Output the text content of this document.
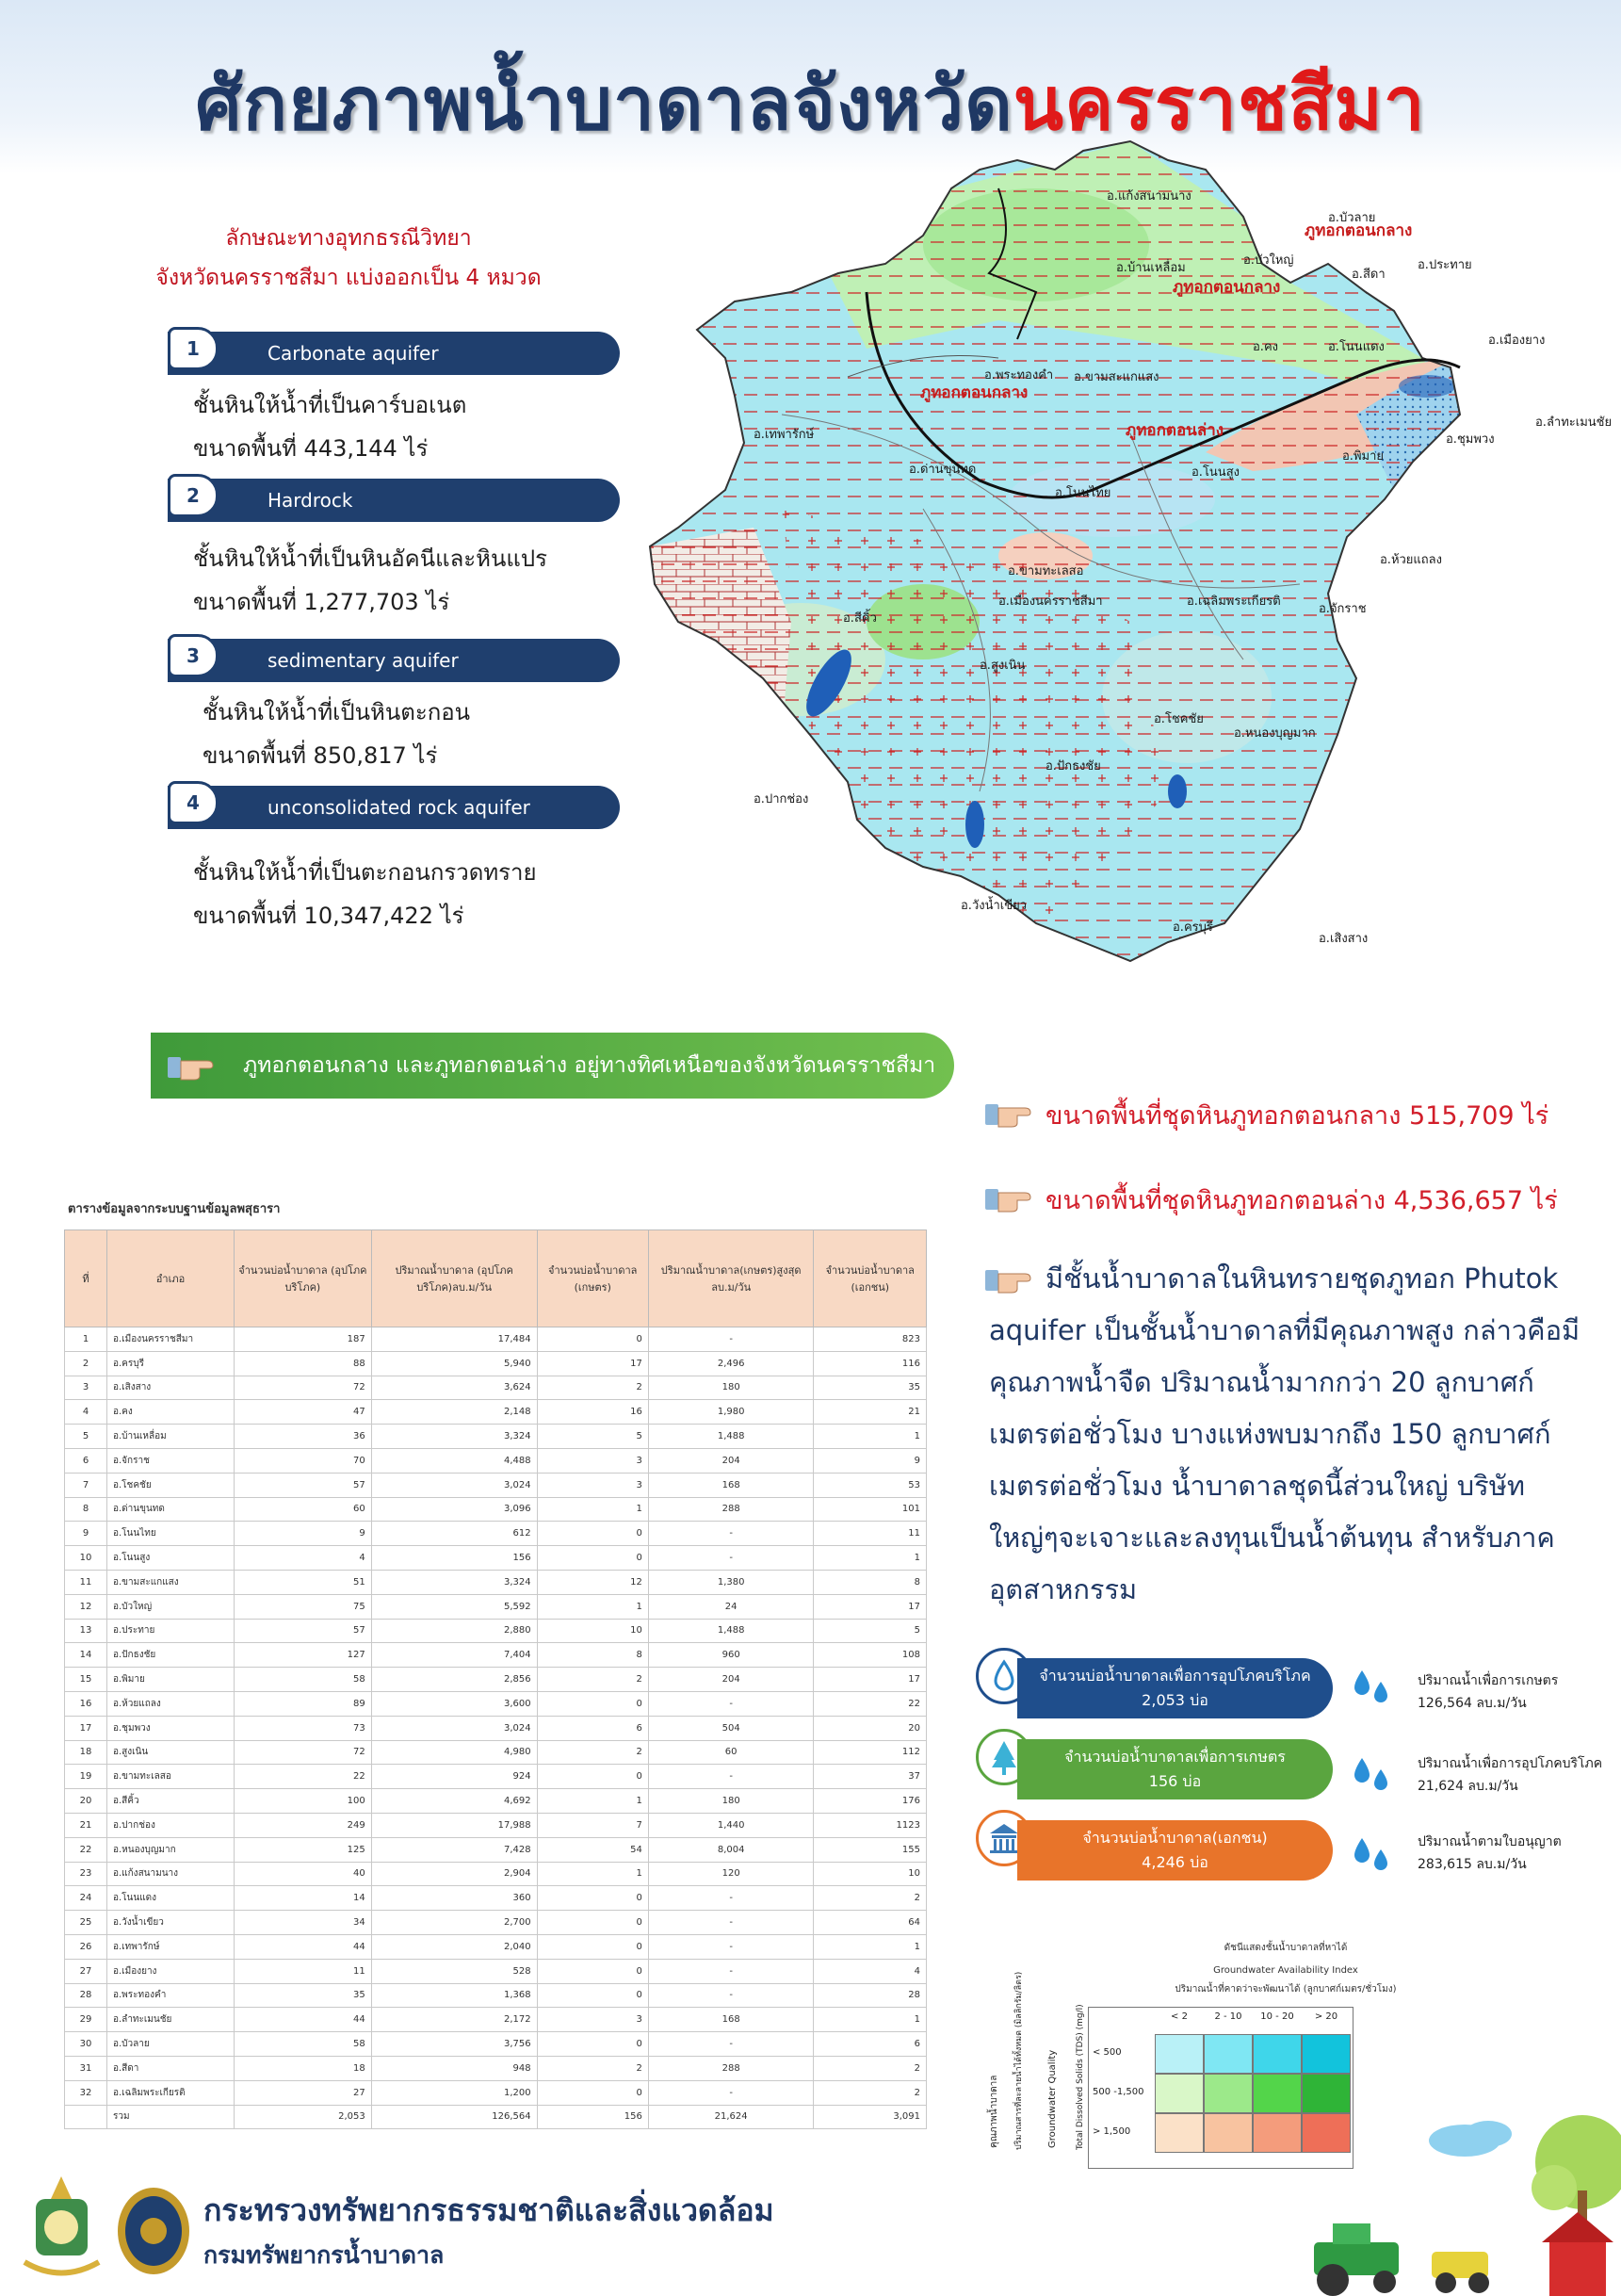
ศักยภาพน้ำบาดาลจังหวัดนครราชสีมา
ลักษณะทางอุทกธรณีวิทยา
จังหวัดนครราชสีมา แบ่งออกเป็น 4 หมวด
Carbonate aquifer
1
ชั้นหินให้น้ำที่เป็นคาร์บอเนต
ขนาดพื้นที่ 443,144 ไร่
Hardrock
2
ชั้นหินให้น้ำที่เป็นหินอัคนีและหินแปร
ขนาดพื้นที่ 1,277,703 ไร่
sedimentary aquifer
3
ชั้นหินให้น้ำที่เป็นหินตะกอน
ขนาดพื้นที่ 850,817 ไร่
unconsolidated rock aquifer
4
ชั้นหินให้น้ำที่เป็นตะกอนกรวดทราย
ขนาดพื้นที่ 10,347,422 ไร่
อ.แก้งสนามนาง
อ.บัวลาย
อ.บัวใหญ่
อ.สีดา
อ.ประทาย
อ.บ้านเหลื่อม
อ.คง	อ.โนนแดง	อ.เมืองยาง
อ.พระทองคำ อ.ขามสะแกแสง
อ.ลำทะเมนชัย
อ.ชุมพวง
อ.เทพารักษ์
อ.ด่านขุนทด	อ.โนนสูง
อ.พิมาย
อ.โนนไทย
อ.ห้วยแถลง
อ.ขามทะเลสอ
อ.เมืองนครราชสีมา	อ.เฉลิมพระเกียรติ
อ.จักราช
อ.สีคิ้ว
อ.สูงเนิน
อ.โชคชัย
อ.หนองบุญมาก
อ.ปักธงชัย
อ.ปากช่อง
อ.วังน้ำเขียว
อ.ครบุรี
อ.เสิงสาง
ภูทอกตอนกลาง
ภูทอกตอนกลาง
ภูทอกตอนกลาง
ภูทอกตอนล่าง
ภูทอกตอนกลาง และภูทอกตอนล่าง อยู่ทางทิศเหนือของจังหวัดนครราชสีมา
ขนาดพื้นที่ชุดหินภูทอกตอนกลาง 515,709 ไร่
ขนาดพื้นที่ชุดหินภูทอกตอนล่าง 4,536,657 ไร่
มีชั้นน้ำบาดาลในหินทรายชุดภูทอก Phutok aquifer เป็นชั้นน้ำบาดาลที่มีคุณภาพสูง กล่าวคือมีคุณภาพน้ำจืด ปริมาณน้ำมากกว่า 20 ลูกบาศก์เมตรต่อชั่วโมง บางแห่งพบมากถึง 150 ลูกบาศก์เมตรต่อชั่วโมง น้ำบาดาลชุดนี้ส่วนใหญ่ บริษัทใหญ่ๆจะเจาะและลงทุนเป็นน้ำต้นทุน สำหรับภาคอุตสาหกรรม
ตารางข้อมูลจากระบบฐานข้อมูลพสุธารา
ที่	อำเภอ	จำนวนบ่อน้ำบาดาล (อุปโภคบริโภค)	ปริมาณน้ำบาดาล (อุปโภคบริโภค)ลบ.ม/วัน	จำนวนบ่อน้ำบาดาล (เกษตร)	ปริมาณน้ำบาดาล(เกษตร)สูงสุด ลบ.ม/วัน	จำนวนบ่อน้ำบาดาล (เอกชน)
1	อ.เมืองนครราชสีมา	187	17,484	0	-	823
2	อ.ครบุรี	88	5,940	17	2,496	116
3	อ.เสิงสาง	72	3,624	2	180	35
4	อ.คง	47	2,148	16	1,980	21
5	อ.บ้านเหลื่อม	36	3,324	5	1,488	1
6	อ.จักราช	70	4,488	3	204	9
7	อ.โชคชัย	57	3,024	3	168	53
8	อ.ด่านขุนทด	60	3,096	1	288	101
9	อ.โนนไทย	9	612	0	-	11
10	อ.โนนสูง	4	156	0	-	1
11	อ.ขามสะแกแสง	51	3,324	12	1,380	8
12	อ.บัวใหญ่	75	5,592	1	24	17
13	อ.ประทาย	57	2,880	10	1,488	5
14	อ.ปักธงชัย	127	7,404	8	960	108
15	อ.พิมาย	58	2,856	2	204	17
16	อ.ห้วยแถลง	89	3,600	0	-	22
17	อ.ชุมพวง	73	3,024	6	504	20
18	อ.สูงเนิน	72	4,980	2	60	112
19	อ.ขามทะเลสอ	22	924	0	-	37
20	อ.สีคิ้ว	100	4,692	1	180	176
21	อ.ปากช่อง	249	17,988	7	1,440	1123
22	อ.หนองบุญมาก	125	7,428	54	8,004	155
23	อ.แก้งสนามนาง	40	2,904	1	120	10
24	อ.โนนแดง	14	360	0	-	2
25	อ.วังน้ำเขียว	34	2,700	0	-	64
26	อ.เทพารักษ์	44	2,040	0	-	1
27	อ.เมืองยาง	11	528	0	-	4
28	อ.พระทองคำ	35	1,368	0	-	28
29	อ.ลำทะเมนชัย	44	2,172	3	168	1
30	อ.บัวลาย	58	3,756	0	-	6
31	อ.สีดา	18	948	2	288	2
32	อ.เฉลิมพระเกียรติ	27	1,200	0	-	2
	รวม	2,053	126,564	156	21,624	3,091
จำนวนบ่อน้ำบาดาลเพื่อการอุปโภคบริโภค
2,053 บ่อ
จำนวนบ่อน้ำบาดาลเพื่อการเกษตร
156 บ่อ
จำนวนบ่อน้ำบาดาล(เอกชน)
4,246 บ่อ
ปริมาณน้ำเพื่อการเกษตร
126,564 ลบ.ม/วัน
ปริมาณน้ำเพื่อการอุปโภคบริโภค
21,624 ลบ.ม/วัน
ปริมาณน้ำตามใบอนุญาต
283,615 ลบ.ม/วัน
ดัชนีแสดงชั้นน้ำบาดาลที่หาได้
Groundwater Availability Index
ปริมาณน้ำที่คาดว่าจะพัฒนาได้ (ลูกบาศก์เมตร/ชั่วโมง)
คุณภาพน้ำบาดาล	ปริมาณสารที่ละลายน้ำได้ทั้งหมด (มิลลิกรัม/ลิตร)	Groundwater Quality Total Dissolved Solids (TDS) (mg/l)	< 2	2 - 10	10 - 20	> 20
< 500
500 -1,500
> 1,500
กระทรวงทรัพยากรธรรมชาติและสิ่งแวดล้อม
กรมทรัพยากรน้ำบาดาล
